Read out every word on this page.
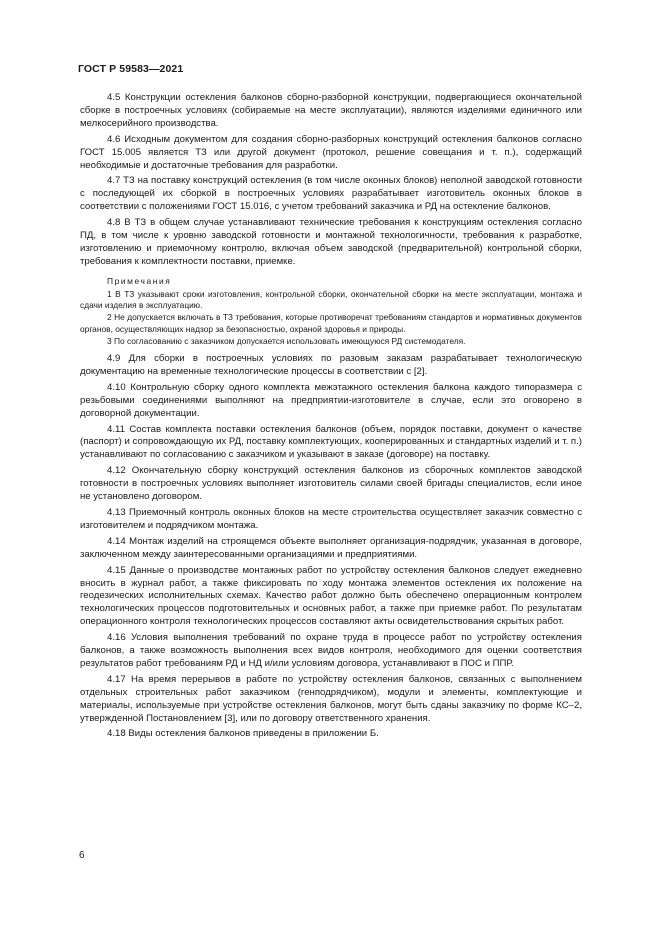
ГОСТ Р 59583—2021

4.5 Конструкции остекления балконов сборно-разборной конструкции, подвергающиеся окончательной сборке в построечных условиях (собираемые на месте эксплуатации), являются изделиями единичного или мелкосерийного производства.

4.6 Исходным документом для создания сборно-разборных конструкций остекления балконов согласно ГОСТ 15.005 является ТЗ или другой документ (протокол, решение совещания и т. п.), содержащий необходимые и достаточные требования для разработки.

4.7 ТЗ на поставку конструкций остекления (в том числе оконных блоков) неполной заводской готовности с последующей их сборкой в построечных условиях разрабатывает изготовитель оконных блоков в соответствии с положениями ГОСТ 15.016, с учетом требований заказчика и РД на остекление балконов.

4.8 В ТЗ в общем случае устанавливают технические требования к конструкциям остекления согласно ПД, в том числе к уровню заводской готовности и монтажной технологичности, требования к разработке, изготовлению и приемочному контролю, включая объем заводской (предварительной) контрольной сборки, требования к комплектности поставки, приемке.

Примечания

1 В ТЗ указывают сроки изготовления, контрольной сборки, окончательной сборки на месте эксплуатации, монтажа и сдачи изделия в эксплуатацию.

2 Не допускается включать в ТЗ требования, которые противоречат требованиям стандартов и нормативных документов органов, осуществляющих надзор за безопасностью, охраной здоровья и природы.

3 По согласованию с заказчиком допускается использовать имеющуюся РД системодателя.

4.9 Для сборки в построечных условиях по разовым заказам разрабатывает технологическую документацию на временные технологические процессы в соответствии с [2].

4.10 Контрольную сборку одного комплекта межэтажного остекления балкона каждого типоразмера с резьбовыми соединениями выполняют на предприятии-изготовителе в случае, если это оговорено в договорной документации.

4.11 Состав комплекта поставки остекления балконов (объем, порядок поставки, документ о качестве (паспорт) и сопровождающую их РД, поставку комплектующих, кооперированных и стандартных изделий и т. п.) устанавливают по согласованию с заказчиком и указывают в заказе (договоре) на поставку.

4.12 Окончательную сборку конструкций остекления балконов из сборочных комплектов заводской готовности в построечных условиях выполняет изготовитель силами своей бригады специалистов, если иное не установлено договором.

4.13 Приемочный контроль оконных блоков на месте строительства осуществляет заказчик совместно с изготовителем и подрядчиком монтажа.

4.14 Монтаж изделий на строящемся объекте выполняет организация-подрядчик, указанная в договоре, заключенном между заинтересованными организациями и предприятиями.

4.15 Данные о производстве монтажных работ по устройству остекления балконов следует ежедневно вносить в журнал работ, а также фиксировать по ходу монтажа элементов остекления их положение на геодезических исполнительных схемах. Качество работ должно быть обеспечено операционным контролем технологических процессов подготовительных и основных работ, а также при приемке работ. По результатам операционного контроля технологических процессов составляют акты освидетельствования скрытых работ.

4.16 Условия выполнения требований по охране труда в процессе работ по устройству остекления балконов, а также возможность выполнения всех видов контроля, необходимого для оценки соответствия результатов работ требованиям РД и НД и/или условиям договора, устанавливают в ПОС и ППР.

4.17 На время перерывов в работе по устройству остекления балконов, связанных с выполнением отдельных строительных работ заказчиком (генподрядчиком), модули и элементы, комплектующие и материалы, используемые при устройстве остекления балконов, могут быть сданы заказчику по форме КС–2, утвержденной Постановлением [3], или по договору ответственного хранения.

4.18 Виды остекления балконов приведены в приложении Б.

6
